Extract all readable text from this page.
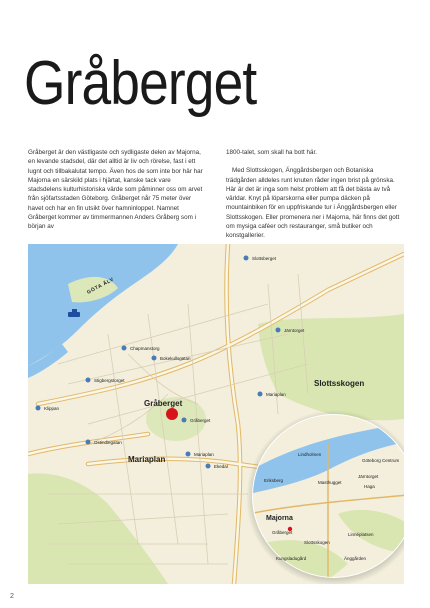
Gråberget

Gråberget är den västligaste och sydligaste delen av Majorna, en levande stadsdel, där det alltid är liv och rörelse, fast i ett lugnt och tillbakalutat tempo. Även hos de som inte bor här har Majorna en särskild plats i hjärtat, kanske tack vare stadsdelens kulturhistoriska värde som påminner oss om arvet från sjöfartsstaden Göteborg. Gråberget når 75 meter över havet och har en fin utsikt över hamninloppet. Namnet Gråberget kommer av timmermannen Anders Gråberg som i början av

1800-talet, som skall ha bott här.

Med Slottsskogen, Änggårdsbergen och Botaniska trädgården alldeles runt knuten råder ingen brist på grönska. Här är det är inga som helst problem att få det bästa av två världar. Knyt på löparskorna eller pumpa däcken på mountainbiken för en uppfriskande tur i Änggårdsbergen eller Slottsskogen. Eller promenera ner i Majorna, här finns det gott om mysiga caféer och restauranger, små butiker och konstgallerier.

GÖTA ÄLV
Slottsberget
Chapmanstorg
Bokekullsgatan
Stigbergstorget
Järntorget
Klippan
Ostindiegatan
Gråberget
Mariaplan
Mariaplan
Ekedal
Gråberget
Slottsskogen
Mariaplan
Lindholmen
Göteborg Centrum
Eriksberg
Järntorget
Masthugget
Haga
Majorna
Gråberget
Slottsskogen
Linnéplatsen
Kungsladugård	Änggården
2
